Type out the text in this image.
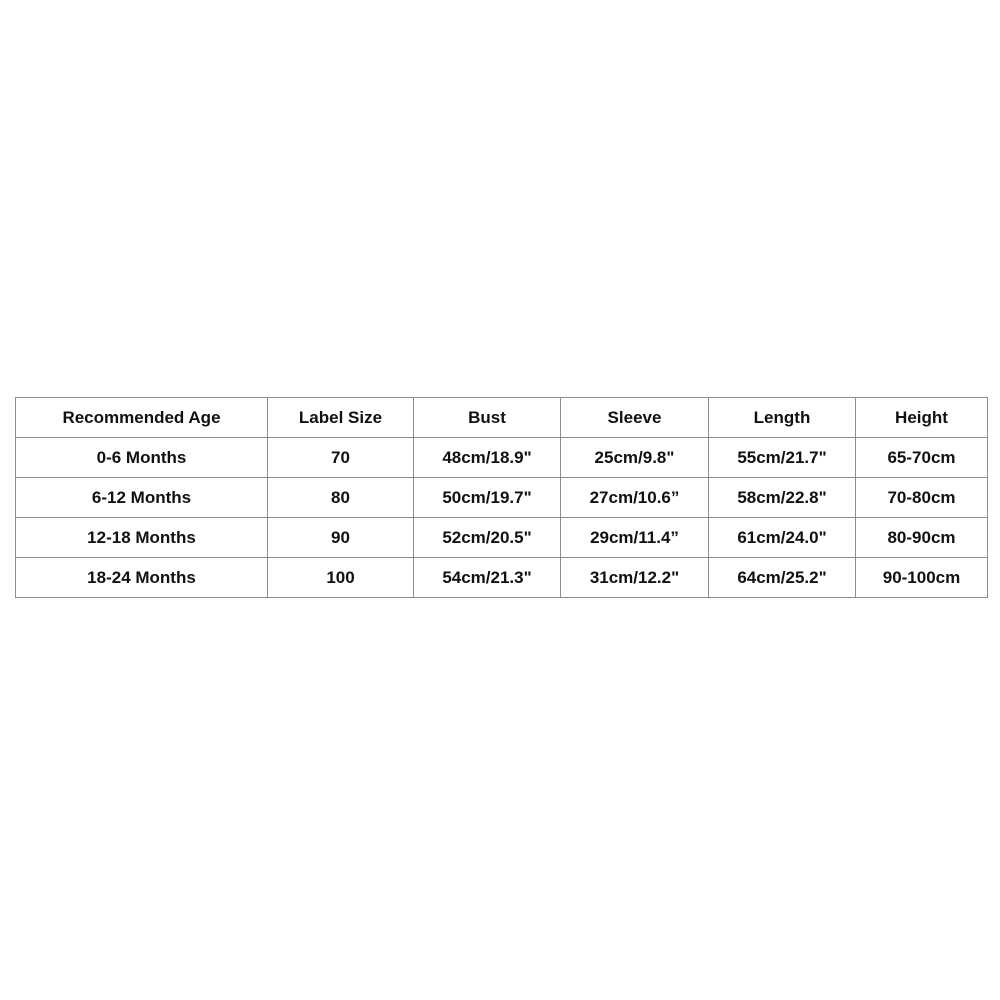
Recommended Age	Label Size	Bust	Sleeve	Length	Height
0-6 Months	70	48cm/18.9"	25cm/9.8"	55cm/21.7"	65-70cm
6-12 Months	80	50cm/19.7"	27cm/10.6”	58cm/22.8"	70-80cm
12-18 Months	90	52cm/20.5"	29cm/11.4”	61cm/24.0"	80-90cm
18-24 Months	100	54cm/21.3"	31cm/12.2"	64cm/25.2"	90-100cm
